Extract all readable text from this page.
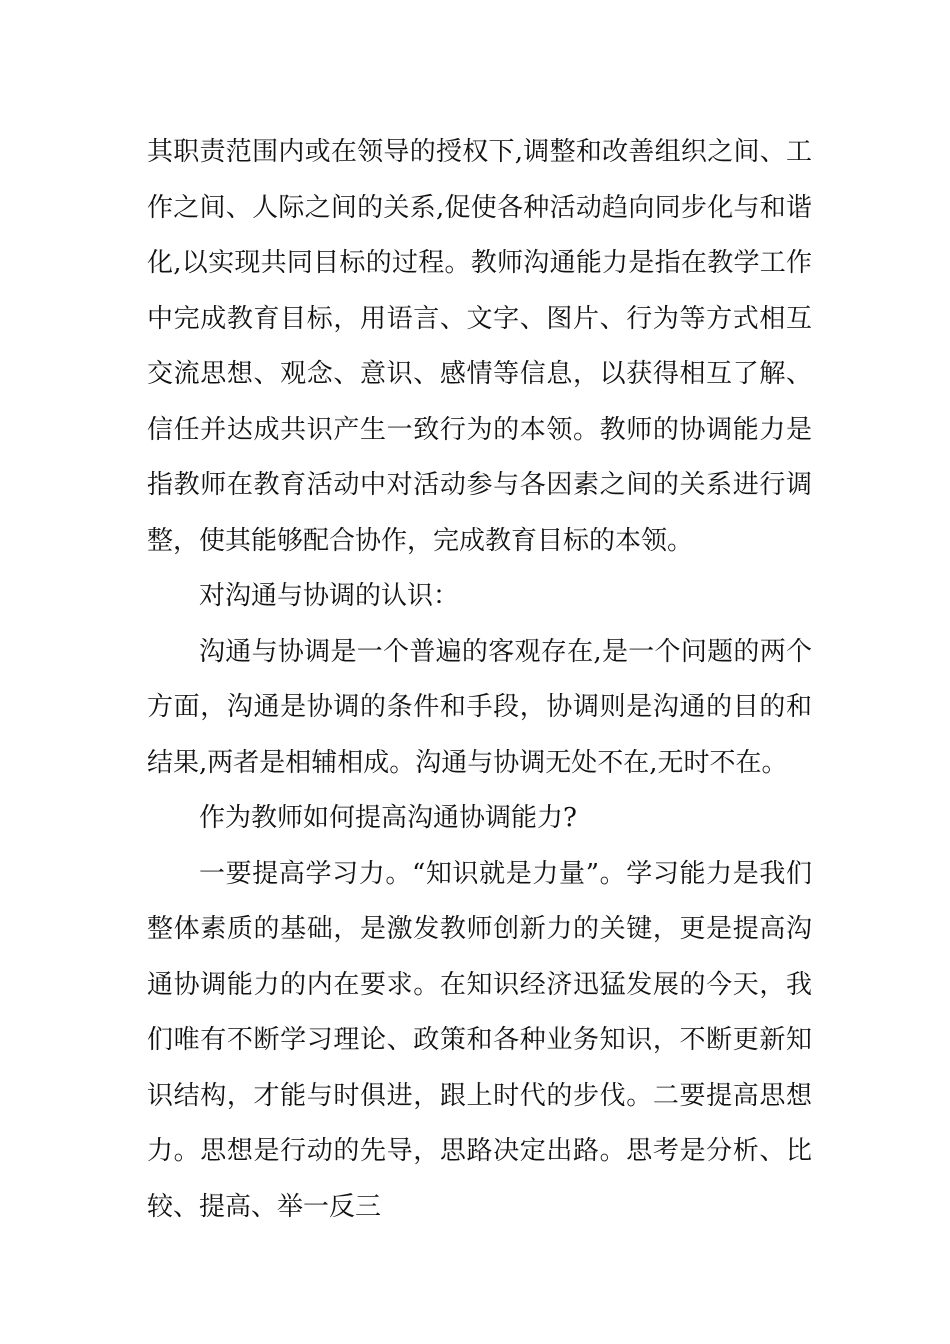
其职责范围内或在领导的授权下,调整和改善组织之间、工作之间、人际之间的关系,促使各种活动趋向同步化与和谐化,以实现共同目标的过程。教师沟通能力是指在教学工作中完成教育目标，用语言、文字、图片、行为等方式相互交流思想、观念、意识、感情等信息，以获得相互了解、信任并达成共识产生一致行为的本领。教师的协调能力是指教师在教育活动中对活动参与各因素之间的关系进行调整，使其能够配合协作，完成教育目标的本领。

对沟通与协调的认识：

沟通与协调是一个普遍的客观存在,是一个问题的两个方面，沟通是协调的条件和手段，协调则是沟通的目的和结果,两者是相辅相成。沟通与协调无处不在,无时不在。

作为教师如何提高沟通协调能力?

一要提高学习力。“知识就是力量”。学习能力是我们整体素质的基础，是激发教师创新力的关键，更是提高沟通协调能力的内在要求。在知识经济迅猛发展的今天，我们唯有不断学习理论、政策和各种业务知识，不断更新知识结构，才能与时俱进，跟上时代的步伐。二要提高思想力。思想是行动的先导，思路决定出路。思考是分析、比较、提高、举一反三
